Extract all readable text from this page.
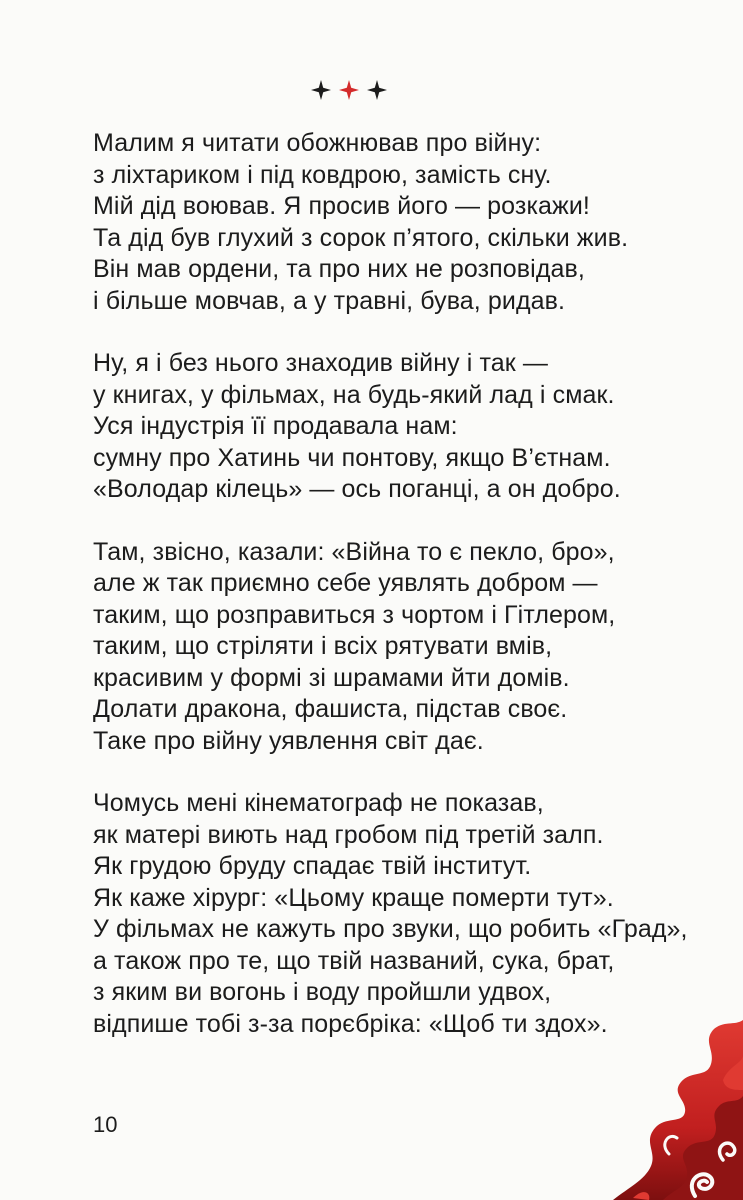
Малим я читати обожнював про війну:
з ліхтариком і під ковдрою, замість сну.
Мій дід воював. Я просив його — розкажи!
Та дід був глухий з сорок п’ятого, скільки жив.
Він мав ордени, та про них не розповідав,
і більше мовчав, а у травні, бува, ридав.
Ну, я і без нього знаходив війну і так —
у книгах, у фільмах, на будь-який лад і смак.
Уся індустрія її продавала нам:
сумну про Хатинь чи понтову, якщо В’єтнам.
«Володар кілець» — ось поганці, а он добро.
Там, звісно, казали: «Війна то є пекло, бро»,
але ж так приємно себе уявлять добром —
таким, що розправиться з чортом і Гітлером,
таким, що стріляти і всіх рятувати вмів,
красивим у формі зі шрамами йти домів.
Долати дракона, фашиста, підстав своє.
Таке про війну уявлення світ дає.
Чомусь мені кінематограф не показав,
як матері виють над гробом під третій залп.
Як грудою бруду спадає твій інститут.
Як каже хірург: «Цьому краще померти тут».
У фільмах не кажуть про звуки, що робить «Град»,
а також про те, що твій названий, сука, брат,
з яким ви вогонь і воду пройшли удвох,
відпише тобі з-за порєбріка: «Щоб ти здох».
10
